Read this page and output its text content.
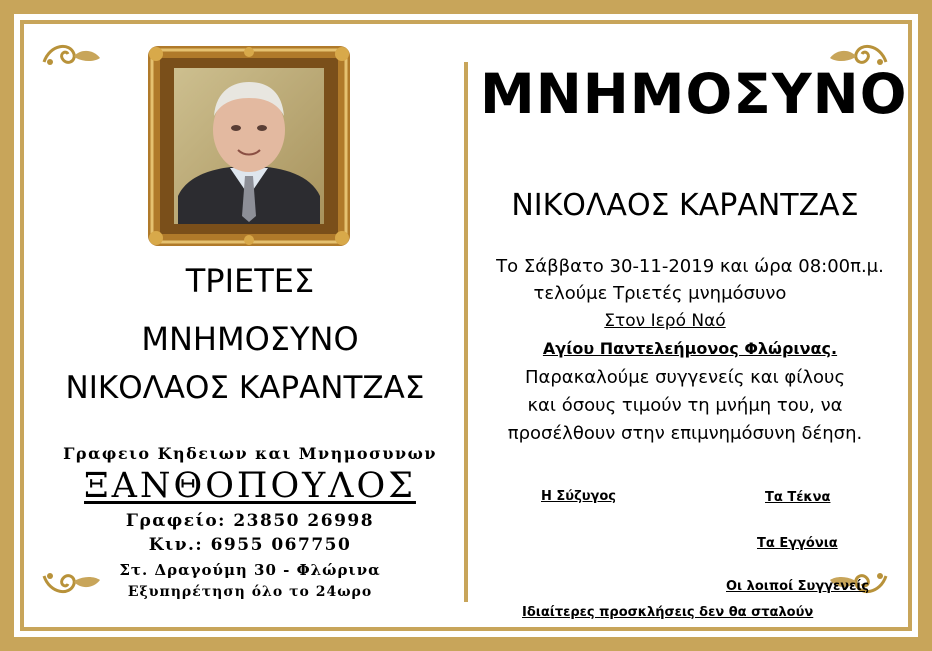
ΤΡΙΕΤΕΣ
ΜΝΗΜΟΣΥΝΟ
ΝΙΚΟΛΑΟΣ ΚΑΡΑΝΤΖΑΣ
Γραφειο Κηδειων και Μνημοσυνων
ΞΑΝΘΟΠΟΥΛΟΣ
Γραφείο: 23850 26998
Κιν.: 6955 067750
Στ. Δραγούμη 30 - Φλώρινα
Εξυπηρέτηση όλο το 24ωρο
ΜΝΗΜΟΣΥΝΟ
ΝΙΚΟΛΑΟΣ ΚΑΡΑΝΤΖΑΣ
Το Σάββατο 30-11-2019 και ώρα 08:00π.μ.
τελούμε Τριετές μνημόσυνο
Στον Ιερό Ναό
Αγίου Παντελεήμονος Φλώρινας.
Παρακαλούμε συγγενείς και φίλους
και όσους τιμούν τη μνήμη του, να
προσέλθουν στην επιμνημόσυνη δέηση.
Η Σύζυγος	Τα Τέκνα
Τα Εγγόνια
Οι λοιποί Συγγενείς
Ιδιαίτερες προσκλήσεις δεν θα σταλούν
